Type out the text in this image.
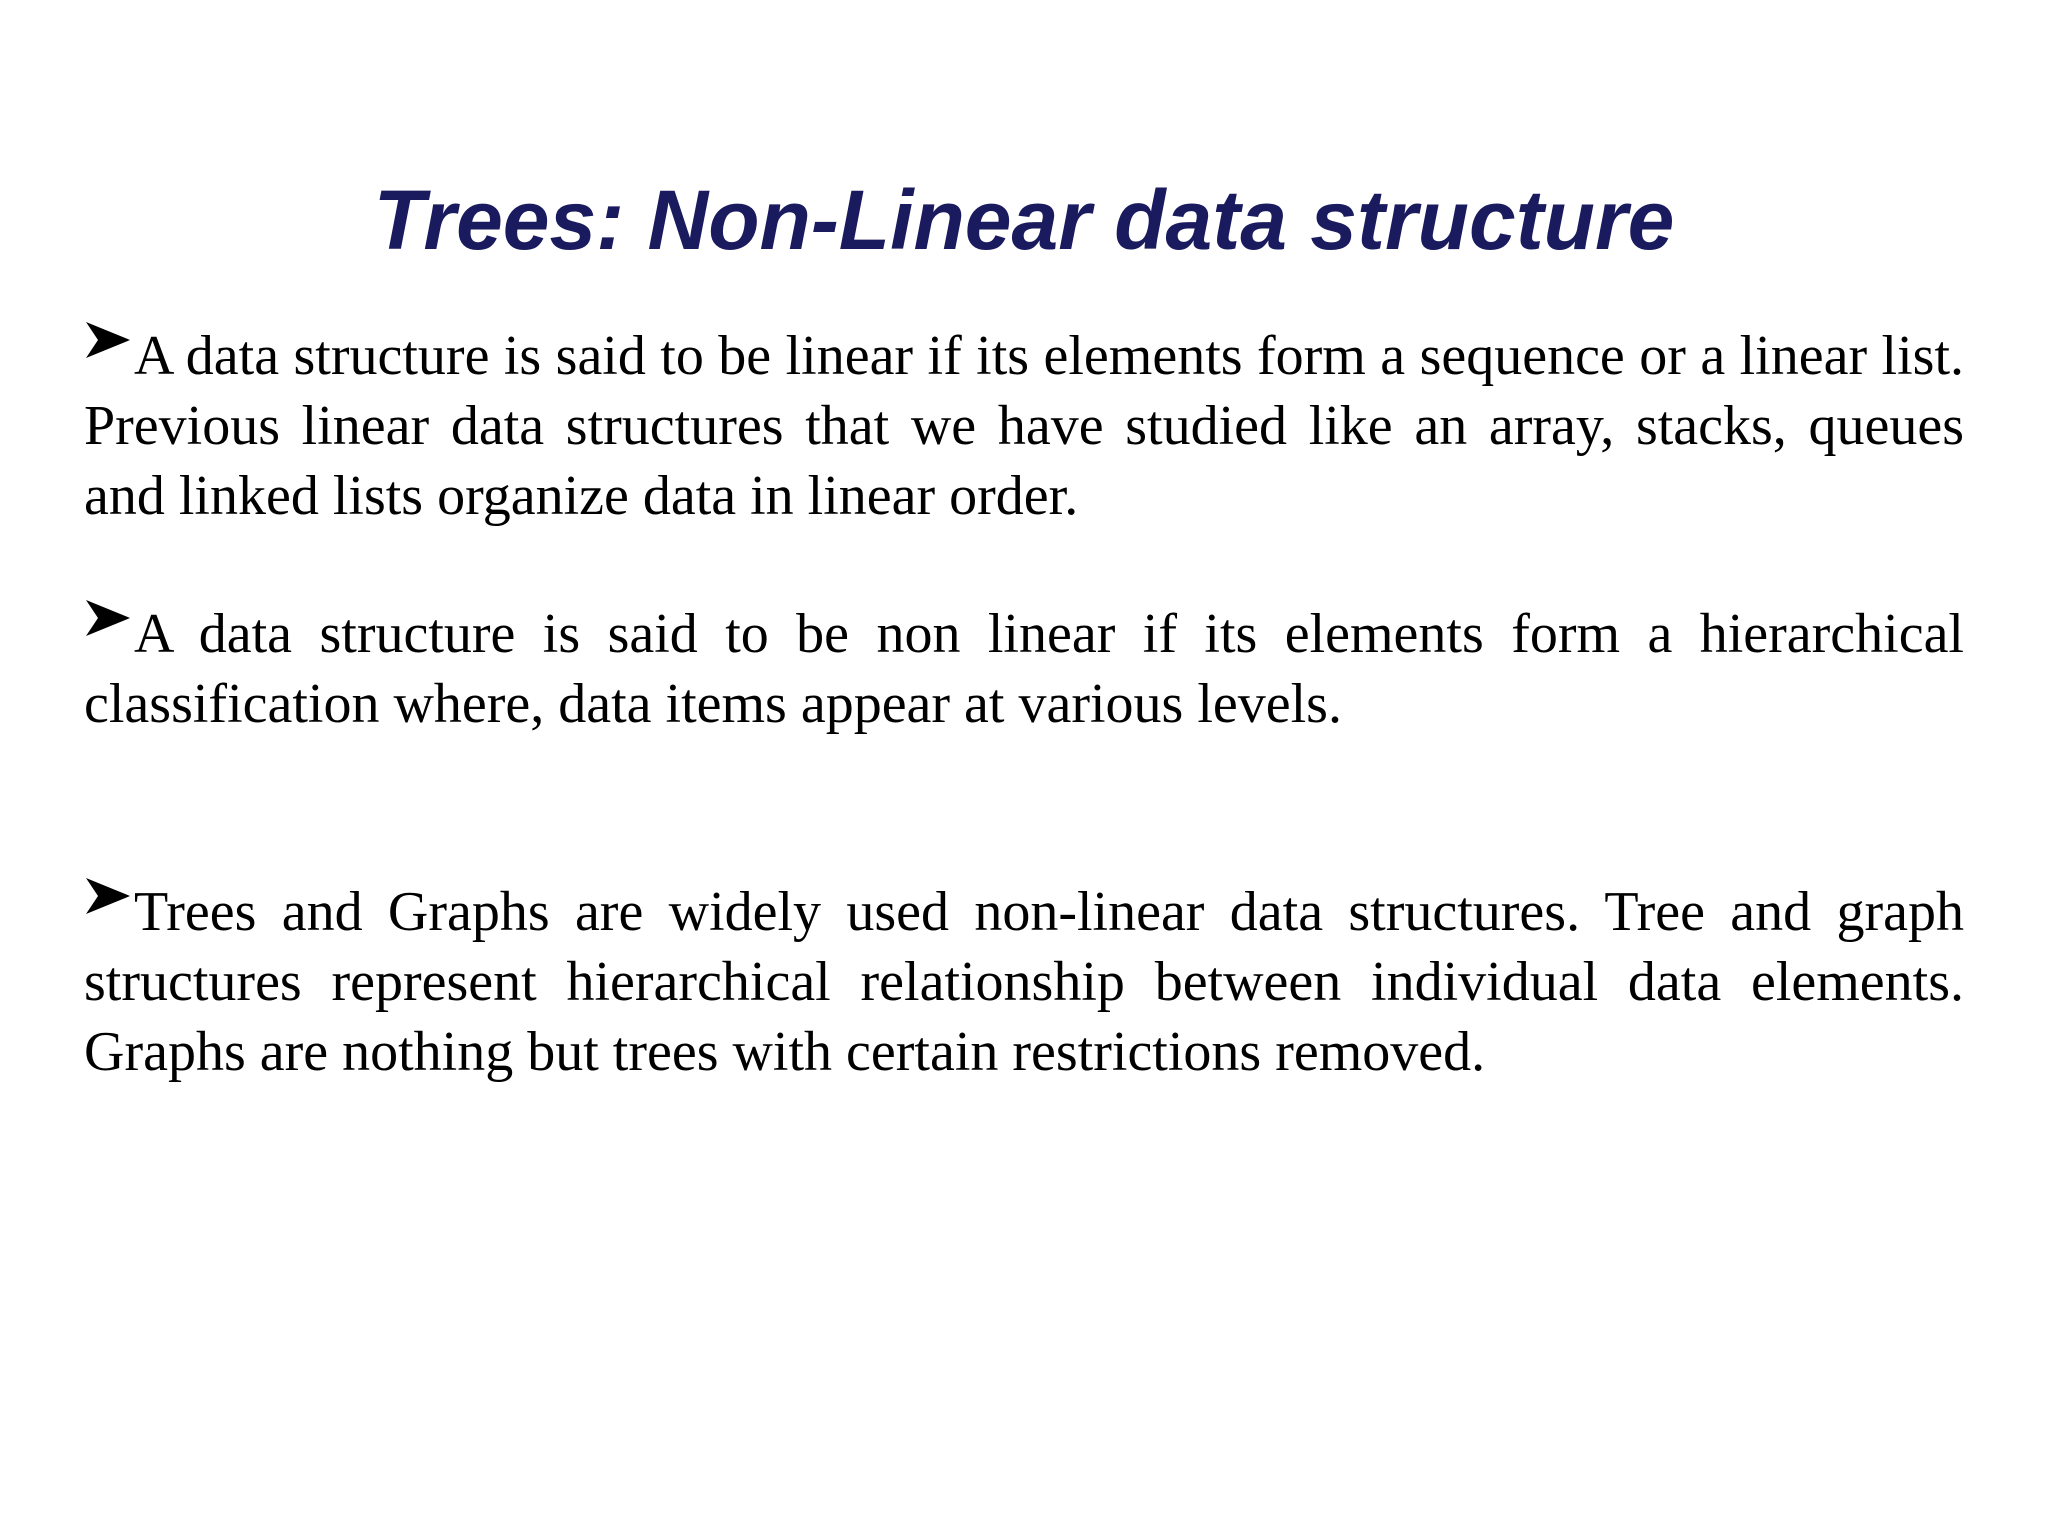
Trees: Non-Linear data structure

A data structure is said to be linear if its elements form a sequence or a linear list. Previous linear data structures that we have studied like an array, stacks, queues and linked lists organize data in linear order.

A data structure is said to be non linear if its elements form a hierarchical classification where, data items appear at various levels.

Trees and Graphs are widely used non-linear data structures. Tree and graph structures represent hierarchical relationship between individual data elements. Graphs are nothing but trees with certain restrictions removed.
